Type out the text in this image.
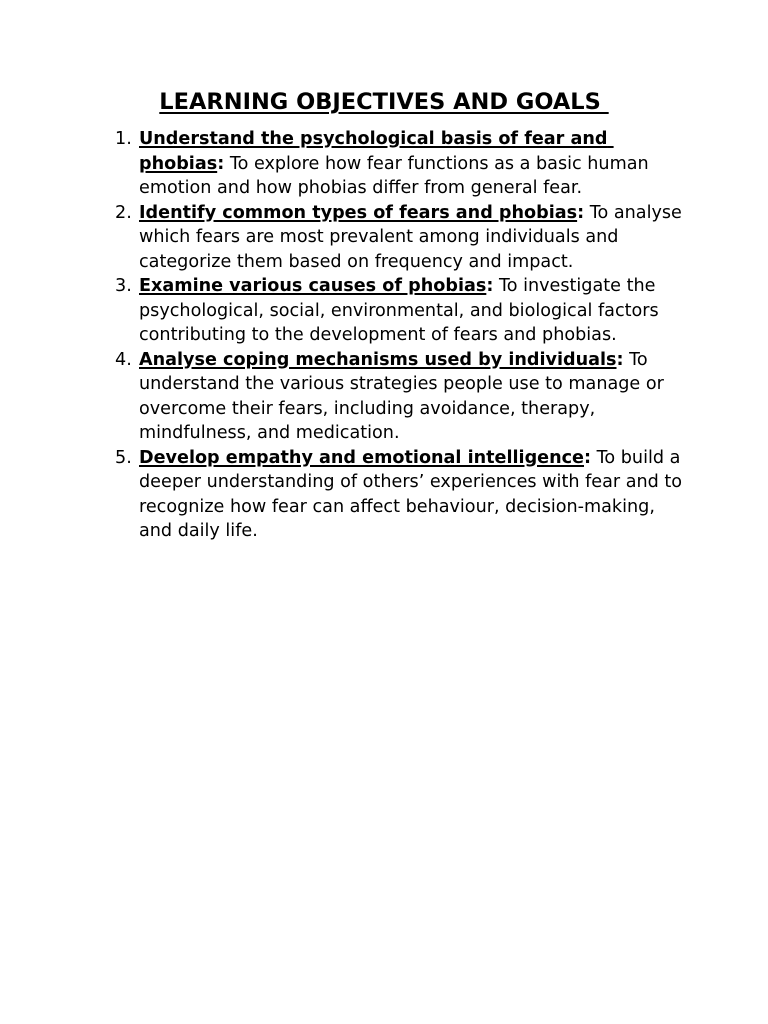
LEARNING OBJECTIVES AND GOALS
1. Understand the psychological basis of fear and phobias: To explore how fear functions as a basic human emotion and how phobias differ from general fear.
2. Identify common types of fears and phobias: To analyse which fears are most prevalent among individuals and categorize them based on frequency and impact.
3. Examine various causes of phobias: To investigate the psychological, social, environmental, and biological factors contributing to the development of fears and phobias.
4. Analyse coping mechanisms used by individuals: To understand the various strategies people use to manage or overcome their fears, including avoidance, therapy, mindfulness, and medication.
5. Develop empathy and emotional intelligence: To build a deeper understanding of others’ experiences with fear and to recognize how fear can affect behaviour, decision-making, and daily life.
